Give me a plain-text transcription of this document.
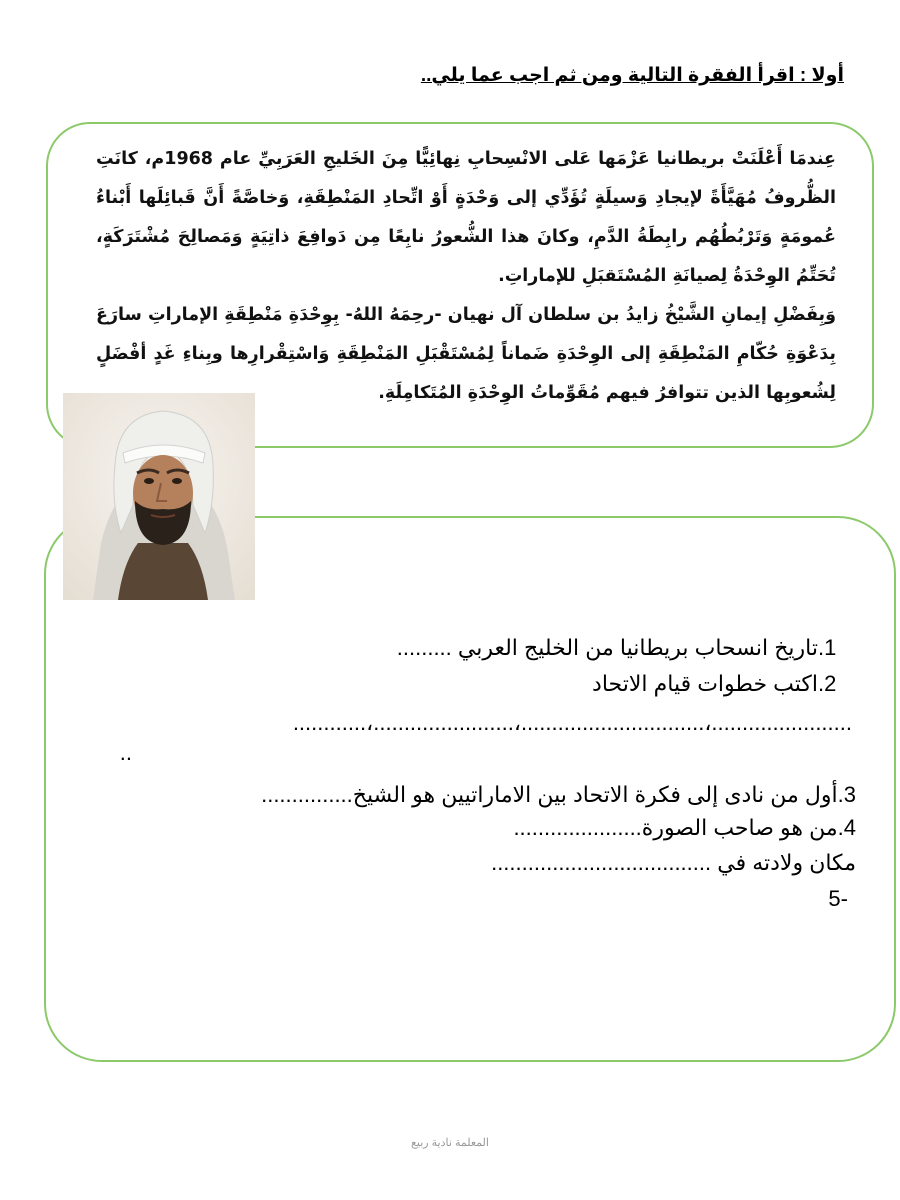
أولا : اقرأ الفقرة التالية ومن ثم اجب عما يلي..

عِندمَا أَعْلَنَتْ بريطانيا عَزْمَها عَلى الانْسِحابِ نِهائِيًّا مِنَ الخَليجِ العَرَبِيِّ عام 1968م، كانَتِ الظُّروفُ مُهَيَّأَةً لإيجادِ وَسيلَةٍ تُؤَدِّي إلى وَحْدَةٍ أَوْ اتِّحادِ المَنْطِقَةِ، وَخاصَّةً أَنَّ قَبائِلَها أَبْناءُ عُمومَةٍ وَتَرْبُطُهُم رابِطَةُ الدَّمِ، وكانَ هذا الشُّعورُ نابِعًا مِن دَوافِعَ ذاتِيَةٍ وَمَصالِحَ مُشْتَرَكَةٍ، تُحَتِّمُ الوِحْدَةُ لِصيانَةِ المُسْتَقبَلِ للإماراتِ.

وَبِفَضْلِ إيمانِ الشَّيْخُ زايدُ بن سلطان آل نهيان -رحِمَهُ اللهُ- بِوِحْدَةِ مَنْطِقَةِ الإماراتِ سارَعَ بِدَعْوَةِ حُكّامِ المَنْطِقَةِ إلى الوِحْدَةِ ضَماناً لِمُسْتَقْبَلِ المَنْطِقَةِ وَاسْتِقْرارِها وبِناءِ غَدٍ أفْضَلٍ لِشُعوبِها الذين تتوافرُ فيهم مُقَوِّماتُ الوِحْدَةِ المُتَكامِلَةِ.

1.تاريخ انسحاب بريطانيا من الخليج العربي .........
2.اكتب خطوات قيام الاتحاد
.......................،..............................،.......................،............
..
3.أول من نادى إلى فكرة الاتحاد بين الاماراتيين هو الشيخ...............
4.من هو صاحب الصورة.....................
مكان ولادته في ....................................
-5
المعلمة نادية ربيع
